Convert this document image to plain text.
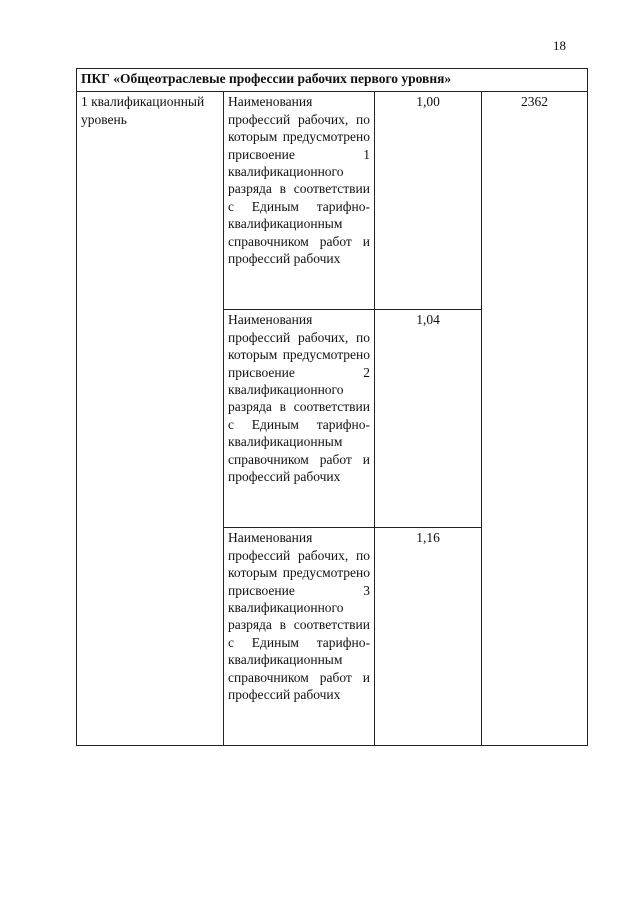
18
ПКГ «Общеотраслевые профессии рабочих первого уровня»			
1 квалификационный уровень	Наименования профессий рабочих, по которым предусмотрено присвоение 1 квалификационного разряда в соответствии с Единым тарифно-квалификационным справочником работ и профессий рабочих	1,00	2362

	Наименования профессий рабочих, по которым предусмотрено присвоение 2 квалификационного разряда в соответствии с Единым тарифно-квалификационным справочником работ и профессий рабочих	1,04	

	Наименования профессий рабочих, по которым предусмотрено присвоение 3 квалификационного разряда в соответствии с Единым тарифно-квалификационным справочником работ и профессий рабочих	1,16	
